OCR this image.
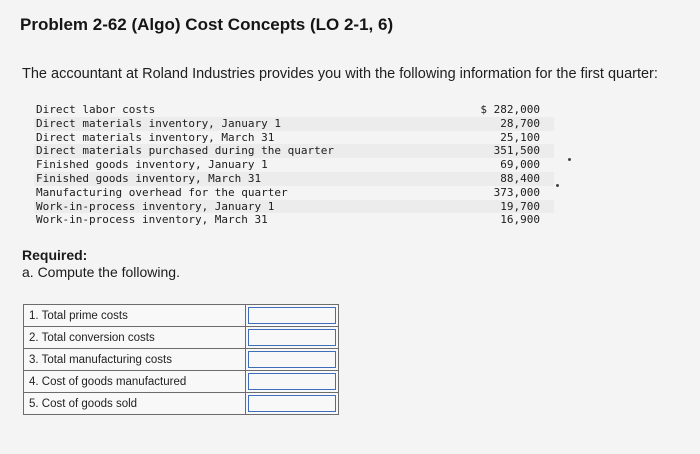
Problem 2-62 (Algo) Cost Concepts (LO 2-1, 6)
The accountant at Roland Industries provides you with the following information for the first quarter:
Direct labor costs	$ 282,000
Direct materials inventory, January 1	28,700
Direct materials inventory, March 31	25,100
Direct materials purchased during the quarter	351,500
Finished goods inventory, January 1	69,000
Finished goods inventory, March 31	88,400
Manufacturing overhead for the quarter	373,000
Work-in-process inventory, January 1	19,700
Work-in-process inventory, March 31	16,900
Required:
a. Compute the following.
1. Total prime costs	

2. Total conversion costs	

3. Total manufacturing costs	

4. Cost of goods manufactured	

5. Cost of goods sold	
